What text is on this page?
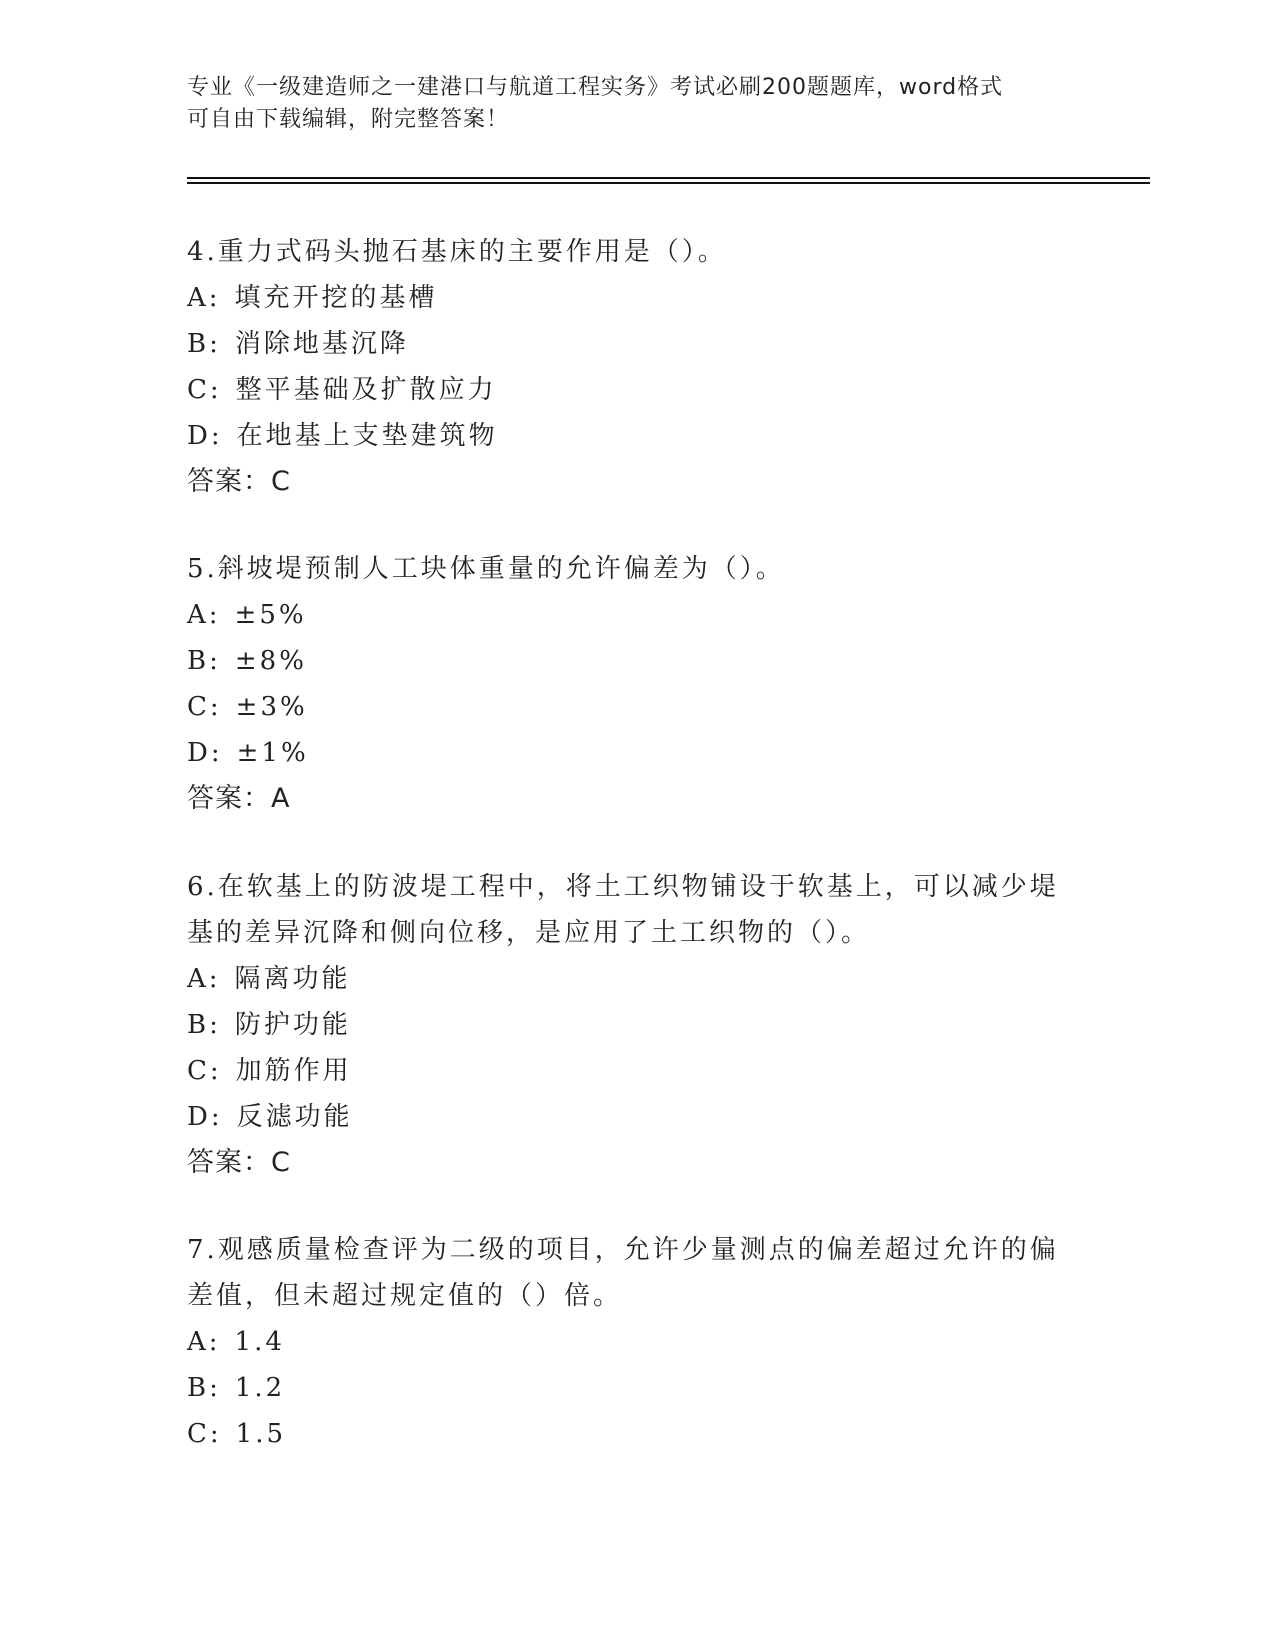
专业《一级建造师之一建港口与航道工程实务》考试必刷200题题库，word格式
可自由下载编辑，附完整答案！
4.重力式码头抛石基床的主要作用是（）。
A: 填充开挖的基槽
B: 消除地基沉降
C: 整平基础及扩散应力
D: 在地基上支垫建筑物
答案：C
5.斜坡堤预制人工块体重量的允许偏差为（）。
A: ±5%
B: ±8%
C: ±3%
D: ±1%
答案：A
6.在软基上的防波堤工程中，将土工织物铺设于软基上，可以减少堤
基的差异沉降和侧向位移，是应用了土工织物的（）。
A: 隔离功能
B: 防护功能
C: 加筋作用
D: 反滤功能
答案：C
7.观感质量检查评为二级的项目，允许少量测点的偏差超过允许的偏
差值，但未超过规定值的（）倍。
A: 1.4
B: 1.2
C: 1.5
